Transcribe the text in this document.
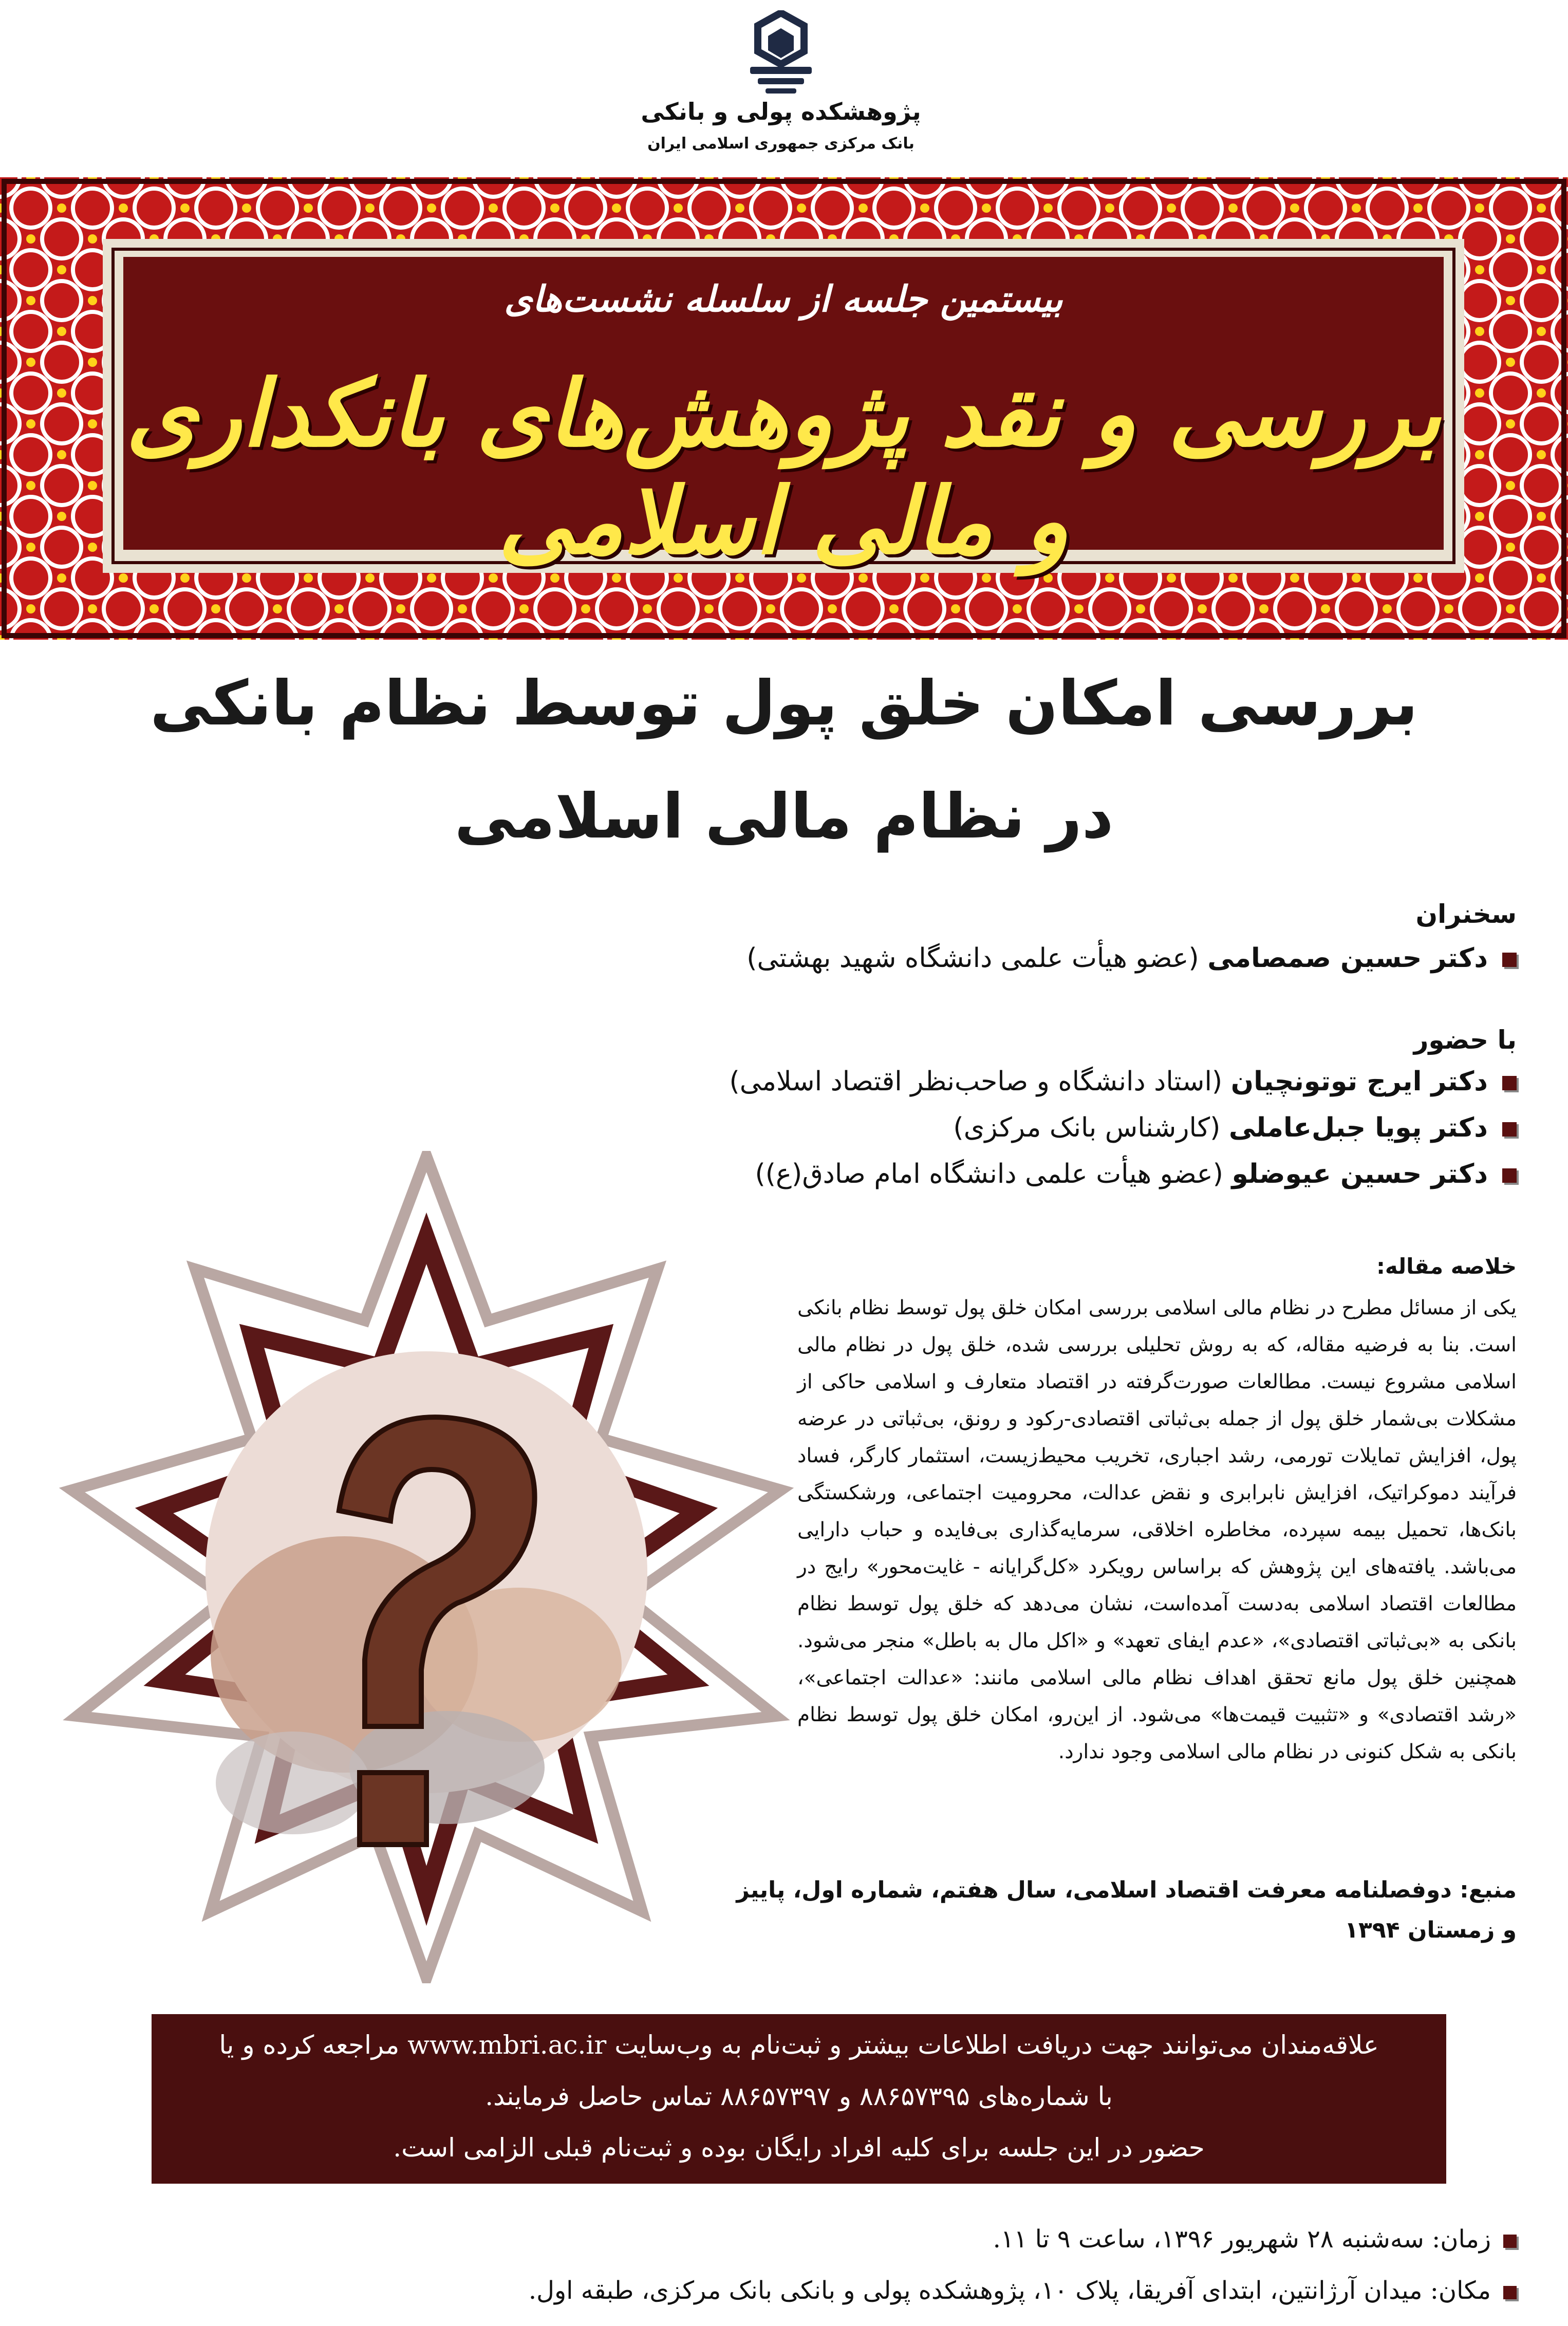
پژوهشکده پولی و بانکی
بانک مرکزی جمهوری اسلامی ایران
بیستمین جلسه از سلسله نشست‌های
بررسی و نقد پژوهش‌های بانکداری و مالی اسلامی
بررسی امکان خلق پول توسط نظام بانکی
در نظام مالی اسلامی
سخنران
دکتر حسین صمصامی (عضو هیأت علمی دانشگاه شهید بهشتی)
با حضور
دکتر ایرج توتونچیان (استاد دانشگاه و صاحب‌نظر اقتصاد اسلامی)
دکتر پویا جبل‌عاملی (کارشناس بانک مرکزی)
دکتر حسین عیوضلو (عضو هیأت علمی دانشگاه امام صادق(ع))
خلاصه مقاله:
یکی از مسائل مطرح در نظام مالی اسلامی بررسی امکان خلق پول توسط نظام بانکی است. بنا به فرضیه مقاله، که به روش تحلیلی بررسی شده، خلق پول در نظام مالی اسلامی مشروع نیست. مطالعات صورت‌گرفته در اقتصاد متعارف و اسلامی حاکی از مشکلات بی‌شمار خلق پول از جمله بی‌ثباتی اقتصادی-رکود و رونق، بی‌ثباتی در عرضه پول، افزایش تمایلات تورمی، رشد اجباری، تخریب محیط‌زیست، استثمار کارگر، فساد فرآیند دموکراتیک، افزایش نابرابری و نقض عدالت، محرومیت اجتماعی، ورشکستگی بانک‌ها، تحمیل بیمه سپرده، مخاطره اخلاقی، سرمایه‌گذاری بی‌فایده و حباب دارایی می‌باشد. یافته‌های این پژوهش که براساس رویکرد «کل‌گرایانه - غایت‌محور» رایج در مطالعات اقتصاد اسلامی به‌دست آمده‌است، نشان می‌دهد که خلق پول توسط نظام بانکی به «بی‌ثباتی اقتصادی»، «عدم ایفای تعهد» و «اکل مال به باطل» منجر می‌شود. همچنین خلق پول مانع تحقق اهداف نظام مالی اسلامی مانند: «عدالت اجتماعی»، «رشد اقتصادی» و «تثبیت قیمت‌ها» می‌شود. از این‌رو، امکان خلق پول توسط نظام بانکی به شکل کنونی در نظام مالی اسلامی وجود ندارد.
منبع: دوفصلنامه معرفت اقتصاد اسلامی، سال هفتم، شماره اول، پاییز و زمستان ۱۳۹۴
علاقه‌مندان می‌توانند جهت دریافت اطلاعات بیشتر و ثبت‌نام به وب‌سایت www.mbri.ac.ir مراجعه کرده و یا
با شماره‌های ۸۸۶۵۷۳۹۵ و ۸۸۶۵۷۳۹۷ تماس حاصل فرمایند.
حضور در این جلسه برای کلیه افراد رایگان بوده و ثبت‌نام قبلی الزامی است.
زمان: سه‌شنبه ۲۸ شهریور ۱۳۹۶، ساعت ۹ تا ۱۱.
مکان: میدان آرژانتین، ابتدای آفریقا، پلاک ۱۰، پژوهشکده پولی و بانکی بانک مرکزی، طبقه اول.
